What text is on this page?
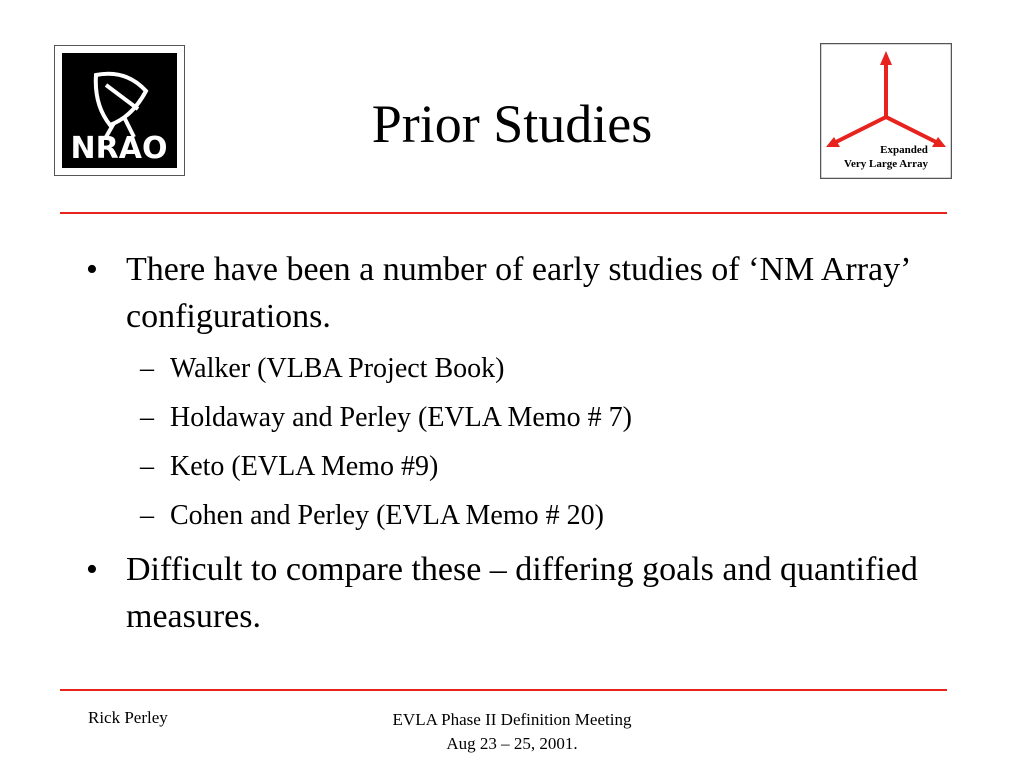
NRAO	Prior Studies	Expanded
Very Large Array
• There have been a number of early studies of ‘NM Array’ configurations.
– Walker (VLBA Project Book)
– Holdaway and Perley (EVLA Memo # 7)
– Keto (EVLA Memo #9)
– Cohen and Perley (EVLA Memo # 20)
• Difficult to compare these – differing goals and quantified measures.
Rick Perley	EVLA Phase II Definition Meeting
Aug 23 – 25, 2001.
